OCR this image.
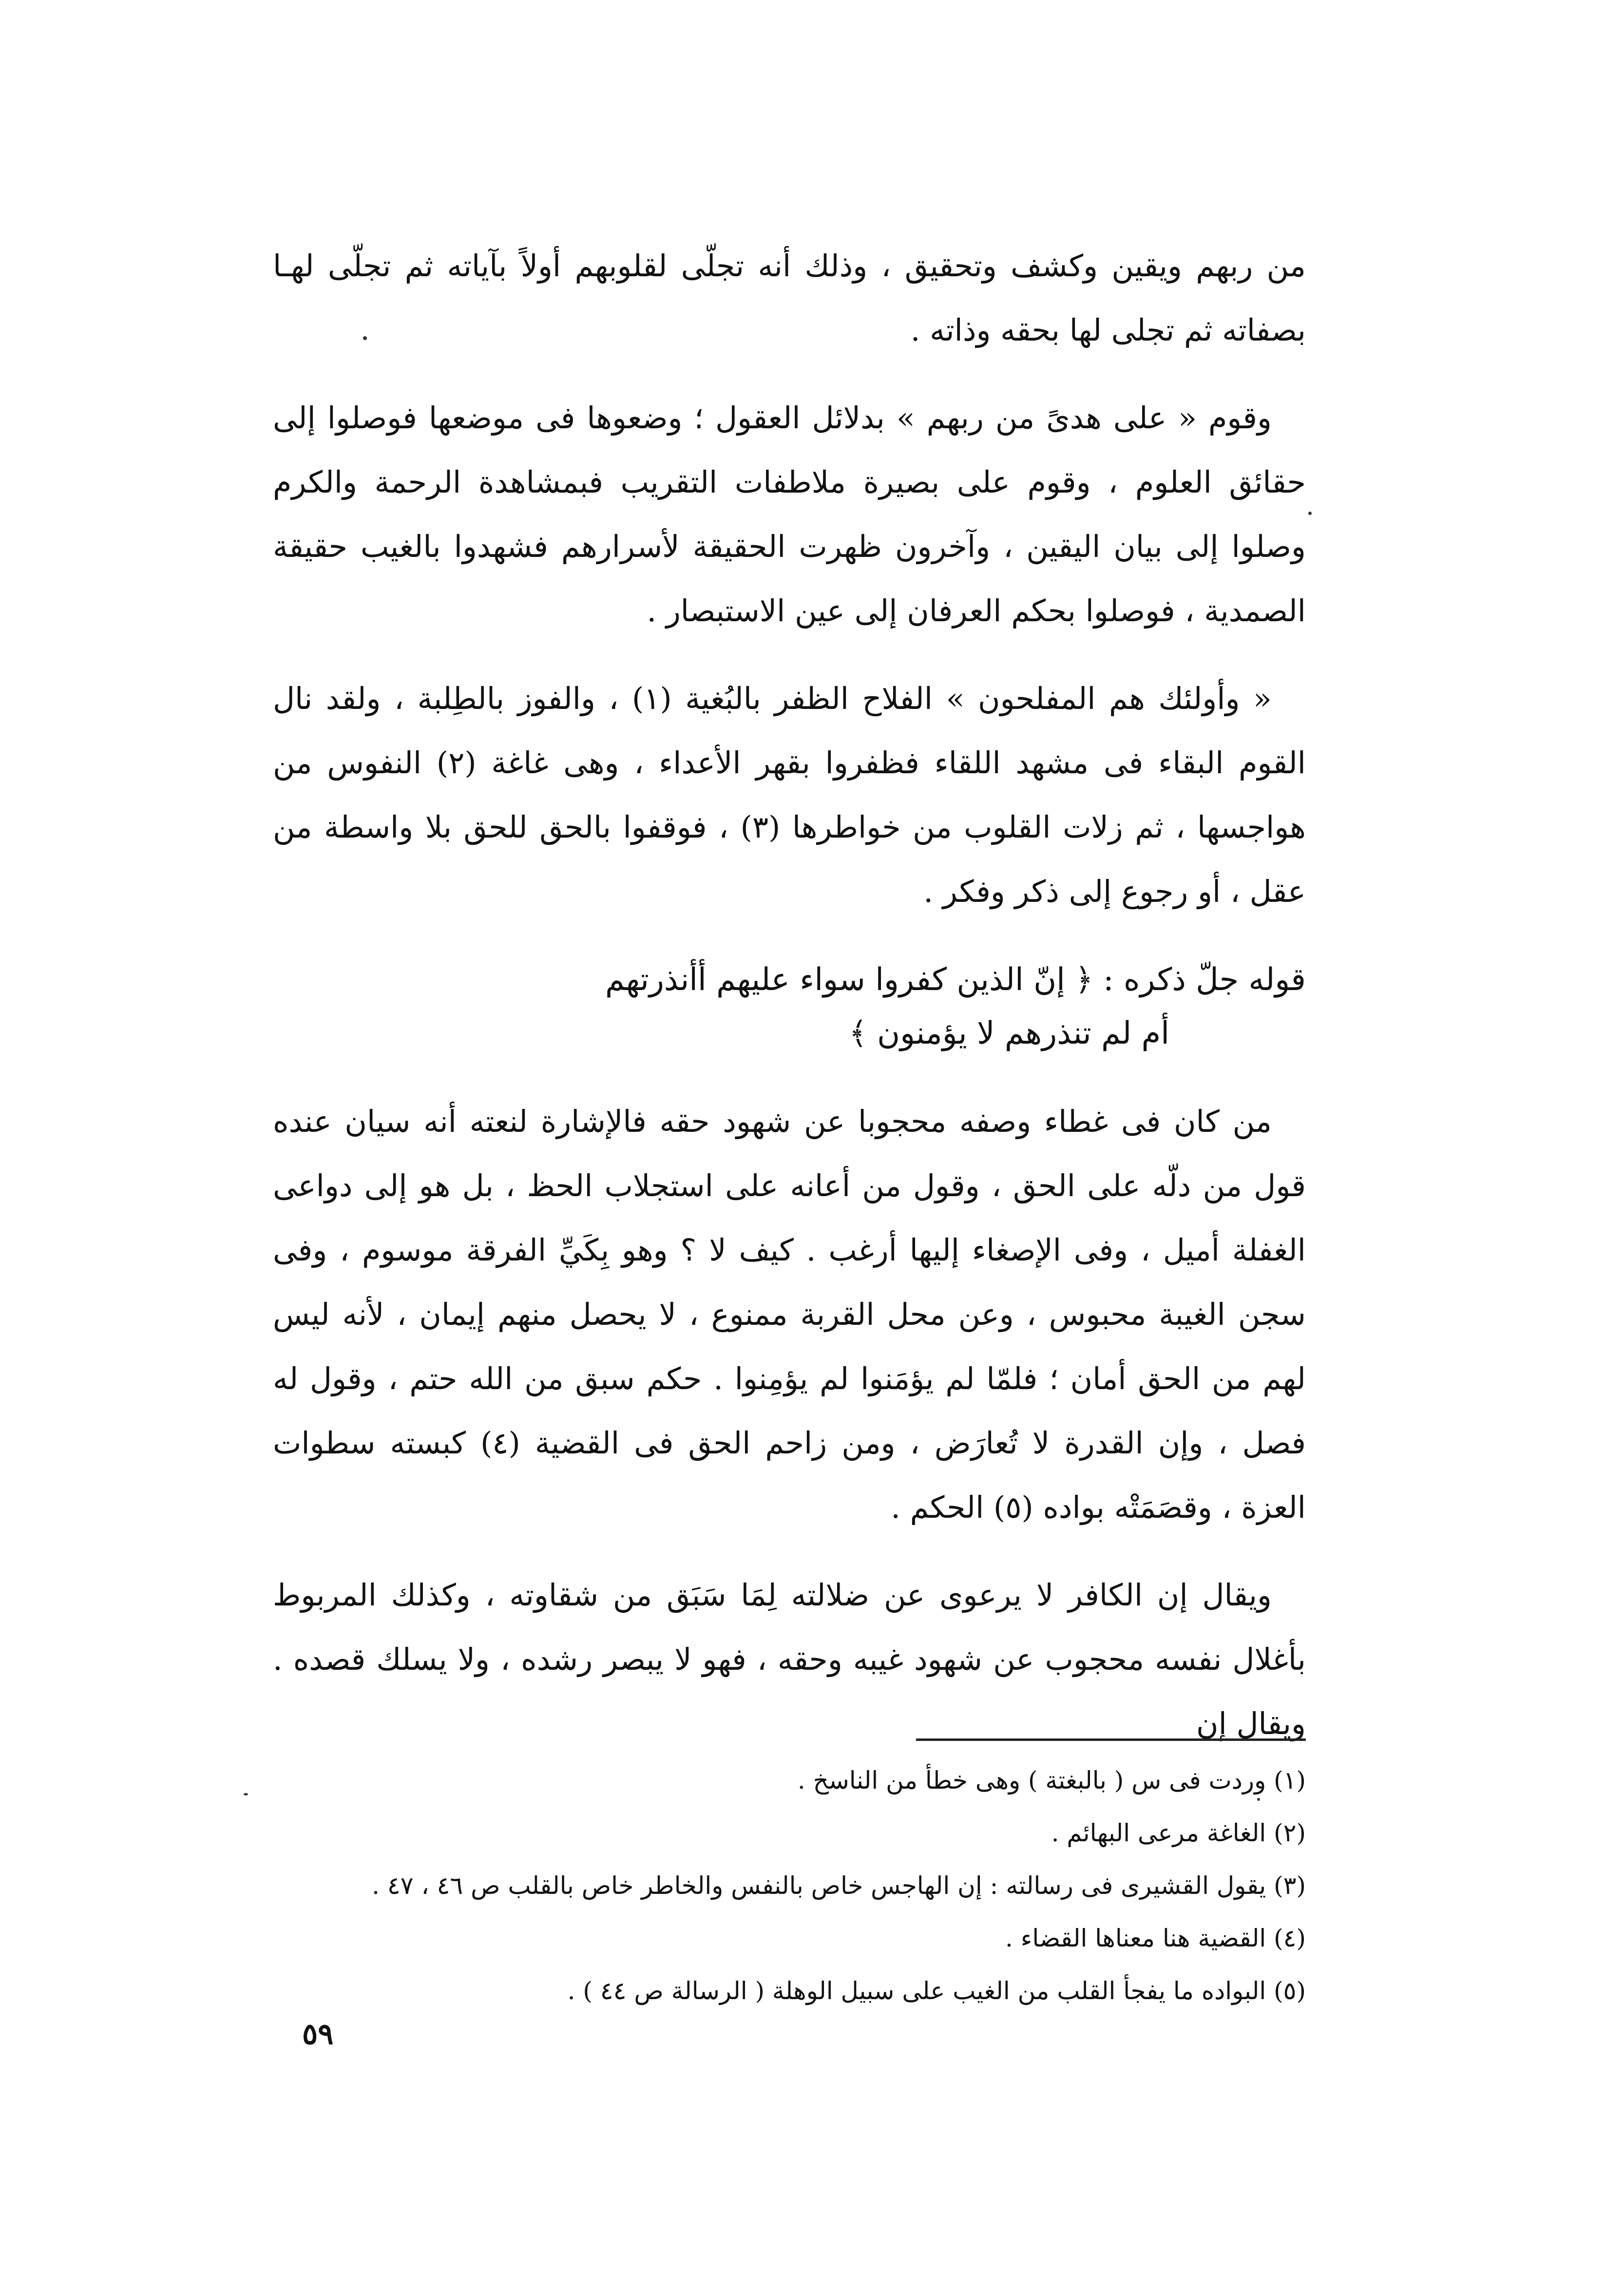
من ربهم ويقين وكشف وتحقيق ، وذلك أنه تجلّى لقلوبهم أولاً بآياته ثم تجلّى لهـا بصفاته ثم تجلى لها بحقه وذاته .

وقوم « على هدىً من ربهم » بدلائل العقول ؛ وضعوها فى موضعها فوصلوا إلى حقائق العلوم ، وقوم على بصيرة ملاطفات التقريب فبمشاهدة الرحمة والكرم وصلوا إلى بيان اليقين ، وآخرون ظهرت الحقيقة لأسرارهم فشهدوا بالغيب حقيقة الصمدية ، فوصلوا بحكم العرفان إلى عين الاستبصار .

« وأولئك هم المفلحون » الفلاح الظفر بالبُغية (١) ، والفوز بالطِلبة ، ولقد نال القوم البقاء فى مشهد اللقاء فظفروا بقهر الأعداء ، وهى غاغة (٢) النفوس من هواجسها ، ثم زلات القلوب من خواطرها (٣) ، فوقفوا بالحق للحق بلا واسطة من عقل ، أو رجوع إلى ذكر وفكر .

قوله جلّ ذكره : ﴿ إنّ الذين كفروا سواء عليهم أأنذرتهم
أم لم تنذرهم لا يؤمنون ﴾

من كان فى غطاء وصفه محجوبا عن شهود حقه فالإشارة لنعته أنه سيان عنده قول من دلّه على الحق ، وقول من أعانه على استجلاب الحظ ، بل هو إلى دواعى الغفلة أميل ، وفى الإصغاء إليها أرغب . كيف لا ؟ وهو بِكَيِّ الفرقة موسوم ، وفى سجن الغيبة محبوس ، وعن محل القربة ممنوع ، لا يحصل منهم إيمان ، لأنه ليس لهم من الحق أمان ؛ فلمّا لم يؤمَنوا لم يؤمِنوا . حكم سبق من الله حتم ، وقول له فصل ، وإن القدرة لا تُعارَض ، ومن زاحم الحق فى القضية (٤) كبسته سطوات العزة ، وقصَمَتْه بواده (٥) الحكم .

ويقال إن الكافر لا يرعوى عن ضلالته لِمَا سَبَق من شقاوته ، وكذلك المربوط بأغلال نفسه محجوب عن شهود غيبه وحقه ، فهو لا يبصر رشده ، ولا يسلك قصده . ويقال إن

(١) وردت فى س ( بالبغتة ) وهى خطأ من الناسخ .
(٢) الغاغة مرعى البهائم .
(٣) يقول القشيرى فى رسالته : إن الهاجس خاص بالنفس والخاطر خاص بالقلب ص ٤٦ ، ٤٧ .
(٤) القضية هنا معناها القضاء .
(٥) البواده ما يفجأ القلب من الغيب على سبيل الوهلة ( الرسالة ص ٤٤ ) .
٥٩
